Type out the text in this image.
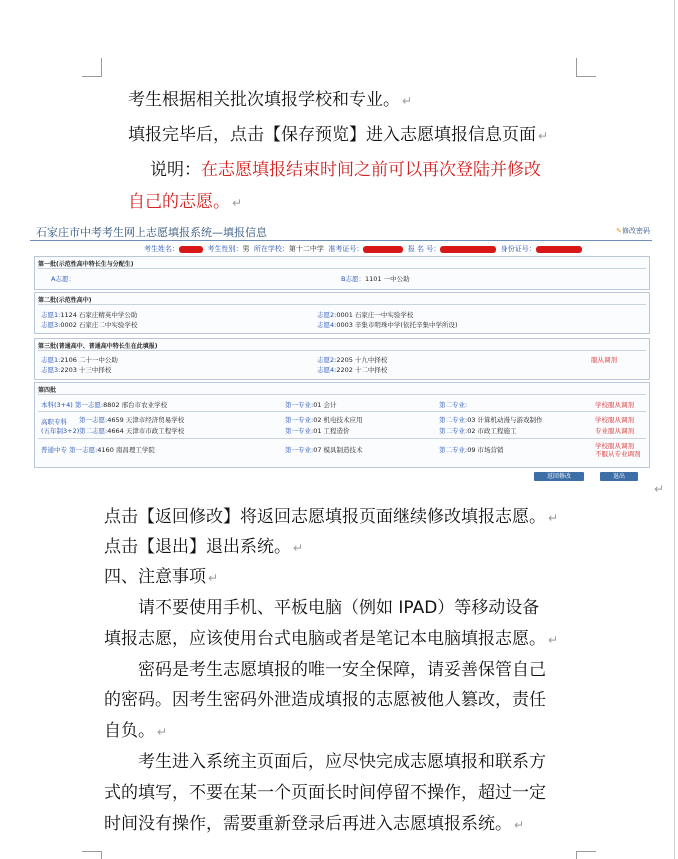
考生根据相关批次填报学校和专业。 ↵
填报完毕后，点击【保存预览】进入志愿填报信息页面 ↵
说明：在志愿填报结束时间之前可以再次登陆并修改
自己的志愿。 ↵
石家庄市中考考生网上志愿填报系统—填报信息	✎修改密码
考生姓名：	考生性别：男 所在学校：第十二中学 准考证号：	报 名 号：	身份证号：
第一批(示范性高中特长生与分配生)
A志愿：	B志愿：1101 一中公助
第二批(示范性高中)
志愿1:1124 石家庄精英中学公助	志愿2:0001 石家庄一中实验学校
志愿3:0002 石家庄二中实验学校	志愿4:0003 辛集市明珠中学(依托辛集中学所设)
第三批(普通高中、普通高中特长生在此填报)
志愿1:2106 二十一中公助	志愿2:2205 十九中择校	服从调剂
志愿3:2203 十三中择校	志愿4:2202 十二中择校
第四批
本科(3+4) 第一志愿:8802 邢台市农业学校	第一专业:01 会计	第二专业:	学校服从调剂
高职专科
(五年制3+2)
第一志愿:4659 天津市经济贸易学校	第一专业:02 机电技术应用	第二专业:03 计算机动漫与游戏制作	学校服从调剂
第二志愿:4664 天津市市政工程学校	第一专业:01 工程造价	第二专业:02 市政工程施工	专业服从调剂
普通中专 第一志愿:4160 南昌理工学院	第一专业:07 模具制造技术	第二专业:09 市场营销	学校服从调剂
不服从专业调剂
返回修改	退出
↵
点击【返回修改】将返回志愿填报页面继续修改填报志愿。 ↵
点击【退出】退出系统。 ↵
四、注意事项 ↵
请不要使用手机、平板电脑（例如 IPAD）等移动设备
填报志愿，应该使用台式电脑或者是笔记本电脑填报志愿。 ↵
密码是考生志愿填报的唯一安全保障，请妥善保管自己
的密码。因考生密码外泄造成填报的志愿被他人篡改，责任
自负。 ↵
考生进入系统主页面后，应尽快完成志愿填报和联系方
式的填写，不要在某一个页面长时间停留不操作，超过一定
时间没有操作，需要重新登录后再进入志愿填报系统。 ↵
